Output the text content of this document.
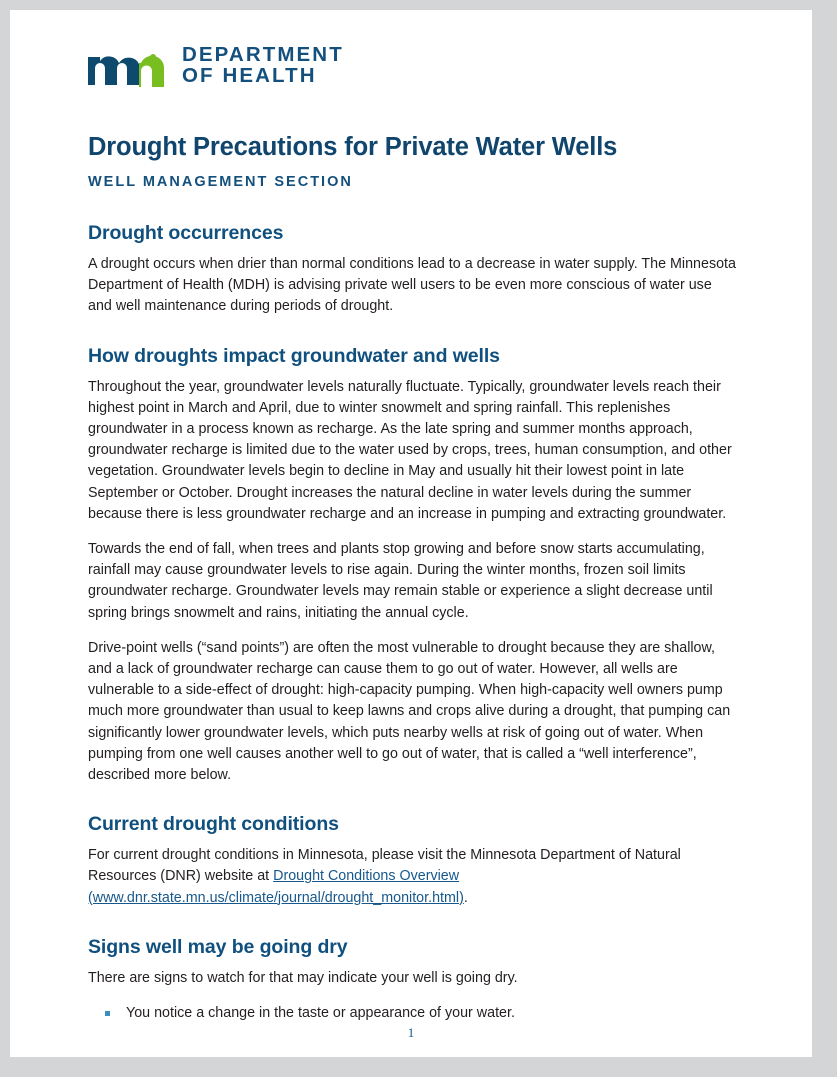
DEPARTMENT
OF HEALTH
Drought Precautions for Private Water Wells
WELL MANAGEMENT SECTION
Drought occurrences

A drought occurs when drier than normal conditions lead to a decrease in water supply. The Minnesota Department of Health (MDH) is advising private well users to be even more conscious of water use and well maintenance during periods of drought.

How droughts impact groundwater and wells

Throughout the year, groundwater levels naturally fluctuate. Typically, groundwater levels reach their highest point in March and April, due to winter snowmelt and spring rainfall. This replenishes groundwater in a process known as recharge. As the late spring and summer months approach, groundwater recharge is limited due to the water used by crops, trees, human consumption, and other vegetation. Groundwater levels begin to decline in May and usually hit their lowest point in late September or October. Drought increases the natural decline in water levels during the summer because there is less groundwater recharge and an increase in pumping and extracting groundwater.

Towards the end of fall, when trees and plants stop growing and before snow starts accumulating, rainfall may cause groundwater levels to rise again. During the winter months, frozen soil limits groundwater recharge. Groundwater levels may remain stable or experience a slight decrease until spring brings snowmelt and rains, initiating the annual cycle.

Drive-point wells (“sand points”) are often the most vulnerable to drought because they are shallow, and a lack of groundwater recharge can cause them to go out of water. However, all wells are vulnerable to a side-effect of drought: high-capacity pumping. When high-capacity well owners pump much more groundwater than usual to keep lawns and crops alive during a drought, that pumping can significantly lower groundwater levels, which puts nearby wells at risk of going out of water. When pumping from one well causes another well to go out of water, that is called a “well interference”, described more below.

Current drought conditions

For current drought conditions in Minnesota, please visit the Minnesota Department of Natural Resources (DNR) website at Drought Conditions Overview (www.dnr.state.mn.us/climate/journal/drought_monitor.html).

Signs well may be going dry

There are signs to watch for that may indicate your well is going dry.

You notice a change in the taste or appearance of your water.
1
